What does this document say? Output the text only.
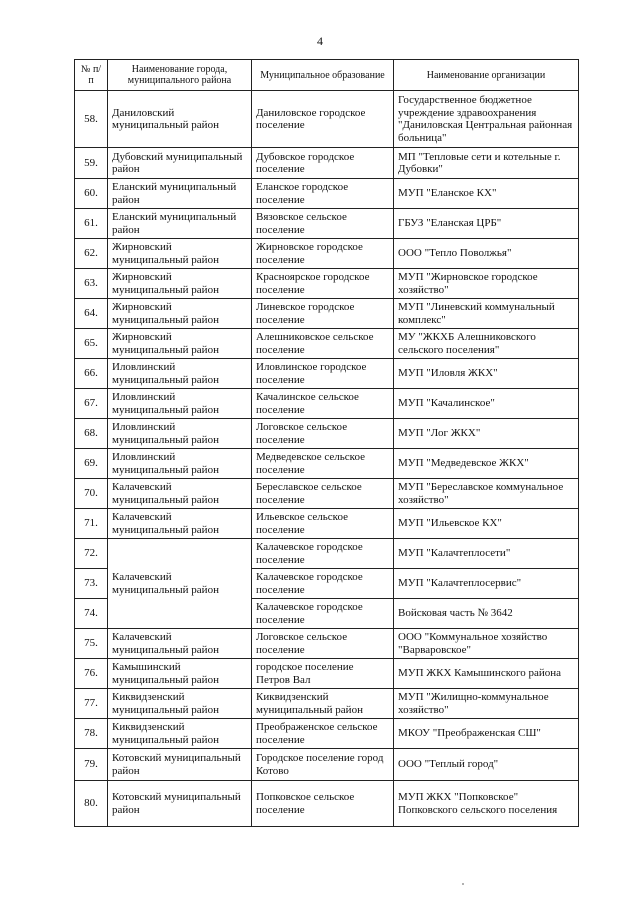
4
№ п/п	Наименование города, муниципального района	Муниципальное образование	Наименование организации
58.	Даниловский муниципальный район	Даниловское городское поселение	Государственное бюджетное учреждение здравоохранения "Даниловская Центральная районная больница"
59.	Дубовский муниципальный район	Дубовское городское поселение	МП "Тепловые сети и котельные г. Дубовки"
60.	Еланский муниципальный район	Еланское городское поселение	МУП "Еланское КХ"
61.	Еланский муниципальный район	Вязовское сельское поселение	ГБУЗ "Еланская ЦРБ"
62.	Жирновский муниципальный район	Жирновское городское поселение	ООО "Тепло Поволжья"
63.	Жирновский муниципальный район	Красноярское городское поселение	МУП "Жирновское городское хозяйство"
64.	Жирновский муниципальный район	Линевское городское поселение	МУП "Линевский коммунальный комплекс"
65.	Жирновский муниципальный район	Алешниковское сельское поселение	МУ "ЖКХБ Алешниковского сельского поселения"
66.	Иловлинский муниципальный район	Иловлинское городское поселение	МУП "Иловля ЖКХ"
67.	Иловлинский муниципальный район	Качалинское сельское поселение	МУП "Качалинское"
68.	Иловлинский муниципальный район	Логовское сельское поселение	МУП "Лог ЖКХ"
69.	Иловлинский муниципальный район	Медведевское сельское поселение	МУП "Медведевское ЖКХ"
70.	Калачевский муниципальный район	Береславское сельское поселение	МУП "Береславское коммунальное хозяйство"
71.	Калачевский муниципальный район	Ильевское сельское поселение	МУП "Ильевское КХ"
72.	Калачевский муниципальный район	Калачевское городское поселение	МУП "Калачтеплосети"
73.		Калачевское городское поселение	МУП "Калачтеплосервис"
74.		Калачевское городское поселение	Войсковая часть № 3642
75.	Калачевский муниципальный район	Логовское сельское поселение	ООО "Коммунальное хозяйство "Варваровское"
76.	Камышинский муниципальный район	городское поселение Петров Вал	МУП ЖКХ Камышинского района
77.	Киквидзенский муниципальный район	Киквидзенский муниципальный район	МУП "Жилищно-коммунальное хозяйство"
78.	Киквидзенский муниципальный район	Преображенское сельское поселение	МКОУ "Преображенская СШ"
79.	Котовский муниципальный район	Городское поселение город Котово	ООО "Теплый город"
80.	Котовский муниципальный район	Попковское сельское поселение	МУП ЖКХ "Попковское" Попковского сельского поселения
